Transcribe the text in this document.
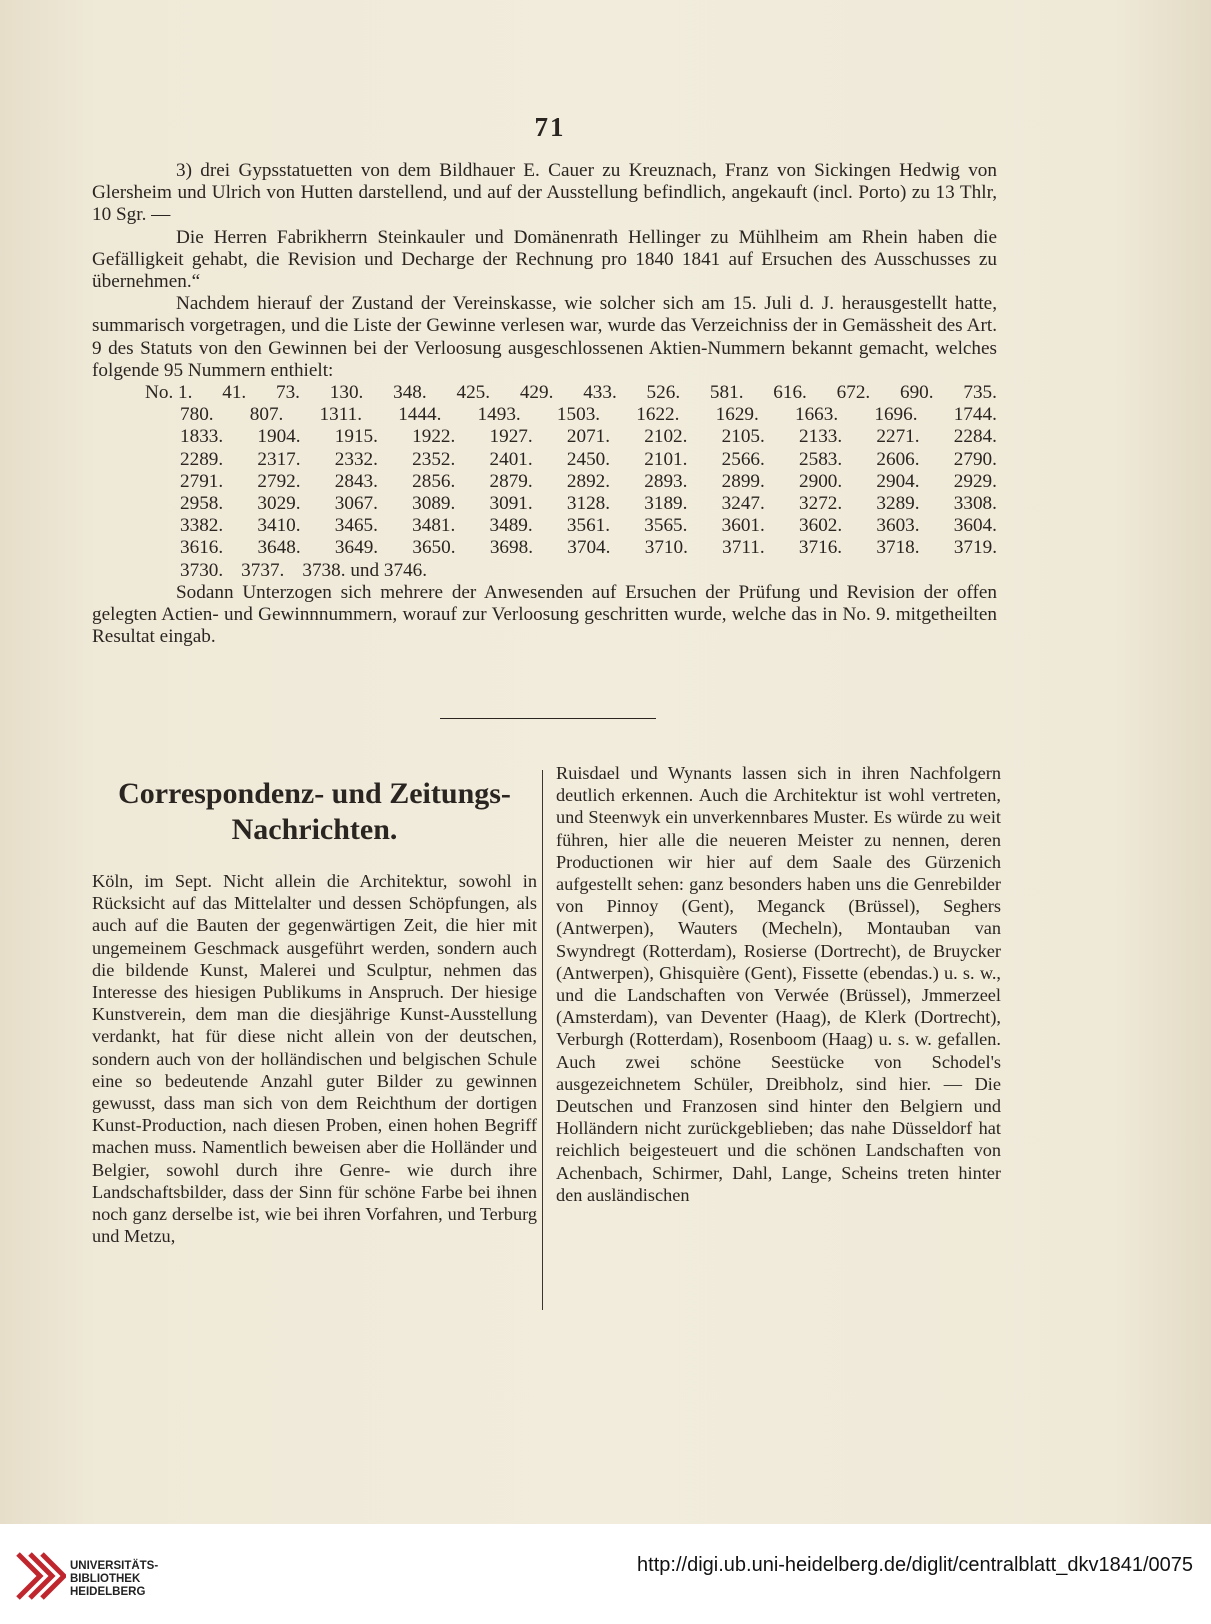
71

3) drei Gypsstatuetten von dem Bildhauer E. Cauer zu Kreuznach, Franz von Sickingen Hedwig von Glersheim und Ulrich von Hutten darstellend, und auf der Ausstellung befindlich, angekauft (incl. Porto) zu 13 Thlr, 10 Sgr. —

Die Herren Fabrikherrn Steinkauler und Domänenrath Hellinger zu Mühlheim am Rhein haben die Gefälligkeit gehabt, die Revision und Decharge der Rechnung pro 1840 1841 auf Ersuchen des Ausschusses zu übernehmen.“

Nachdem hierauf der Zustand der Vereinskasse, wie solcher sich am 15. Juli d. J. herausgestellt hatte, summarisch vorgetragen, und die Liste der Gewinne verlesen war, wurde das Verzeichniss der in Gemässheit des Art. 9 des Statuts von den Gewinnen bei der Verloosung ausgeschlossenen Aktien-Nummern bekannt gemacht, welches folgende 95 Nummern enthielt:

No. 1. 41. 73. 130. 348. 425. 429. 433. 526. 581. 616. 672. 690. 735.
780. 807. 1311. 1444. 1493. 1503. 1622. 1629. 1663. 1696. 1744.
1833. 1904. 1915. 1922. 1927. 2071. 2102. 2105. 2133. 2271. 2284.
2289. 2317. 2332. 2352. 2401. 2450. 2101. 2566. 2583. 2606. 2790.
2791. 2792. 2843. 2856. 2879. 2892. 2893. 2899. 2900. 2904. 2929.
2958. 3029. 3067. 3089. 3091. 3128. 3189. 3247. 3272. 3289. 3308.
3382. 3410. 3465. 3481. 3489. 3561. 3565. 3601. 3602. 3603. 3604.
3616. 3648. 3649. 3650. 3698. 3704. 3710. 3711. 3716. 3718. 3719.
3730. 3737. 3738. und 3746.

Sodann Unterzogen sich mehrere der Anwesenden auf Ersuchen der Prüfung und Revision der offen gelegten Actien- und Gewinnnummern, worauf zur Verloosung geschritten wurde, welche das in No. 9. mitgetheilten Resultat eingab.

Correspondenz- und Zeitungs-Nachrichten.

Köln, im Sept. Nicht allein die Architektur, sowohl in Rücksicht auf das Mittelalter und dessen Schöpfungen, als auch auf die Bauten der gegenwärtigen Zeit, die hier mit ungemeinem Geschmack ausgeführt werden, sondern auch die bildende Kunst, Malerei und Sculptur, nehmen das Interesse des hiesigen Publikums in Anspruch. Der hiesige Kunstverein, dem man die diesjährige Kunst-Ausstellung verdankt, hat für diese nicht allein von der deutschen, sondern auch von der holländischen und belgischen Schule eine so bedeutende Anzahl guter Bilder zu gewinnen gewusst, dass man sich von dem Reichthum der dortigen Kunst-Production, nach diesen Proben, einen hohen Begriff machen muss. Namentlich beweisen aber die Holländer und Belgier, sowohl durch ihre Genre- wie durch ihre Landschaftsbilder, dass der Sinn für schöne Farbe bei ihnen noch ganz derselbe ist, wie bei ihren Vorfahren, und Terburg und Metzu,

Ruisdael und Wynants lassen sich in ihren Nachfolgern deutlich erkennen. Auch die Architektur ist wohl vertreten, und Steenwyk ein unverkennbares Muster. Es würde zu weit führen, hier alle die neueren Meister zu nennen, deren Productionen wir hier auf dem Saale des Gürzenich aufgestellt sehen: ganz besonders haben uns die Genrebilder von Pinnoy (Gent), Meganck (Brüssel), Seghers (Antwerpen), Wauters (Mecheln), Montauban van Swyndregt (Rotterdam), Rosierse (Dortrecht), de Bruycker (Antwerpen), Ghisquière (Gent), Fissette (ebendas.) u. s. w., und die Landschaften von Verwée (Brüssel), Jmmerzeel (Amsterdam), van Deventer (Haag), de Klerk (Dortrecht), Verburgh (Rotterdam), Rosenboom (Haag) u. s. w. gefallen. Auch zwei schöne Seestücke von Schodel's ausgezeichnetem Schüler, Dreibholz, sind hier. — Die Deutschen und Franzosen sind hinter den Belgiern und Holländern nicht zurückgeblieben; das nahe Düsseldorf hat reichlich beigesteuert und die schönen Landschaften von Achenbach, Schirmer, Dahl, Lange, Scheins treten hinter den ausländischen

UNIVERSITÄTS-
BIBLIOTHEK
HEIDELBERG
http://digi.ub.uni-heidelberg.de/diglit/centralblatt_dkv1841/0075
